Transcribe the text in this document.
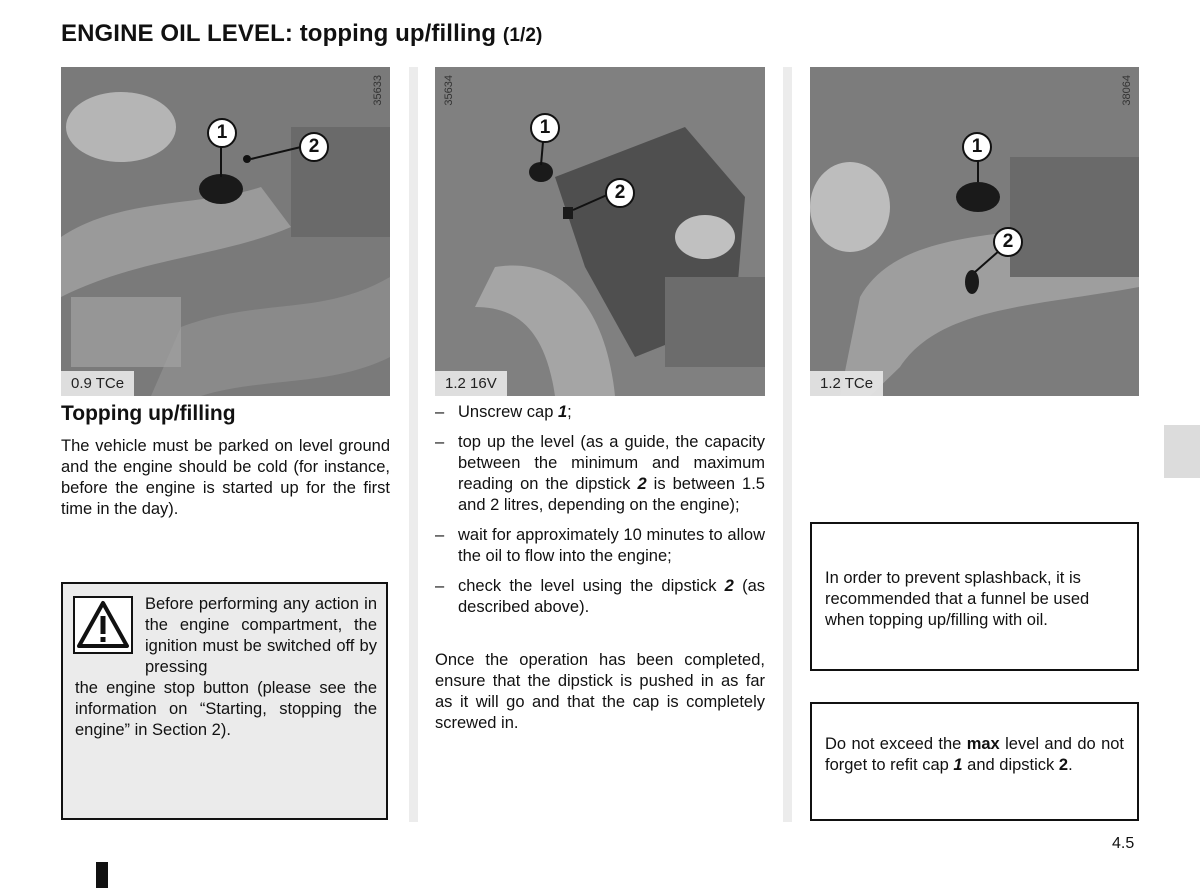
ENGINE OIL LEVEL: topping up/filling (1/2)
35633
1
2
0.9 TCe
35634
1
2
1.2 16V
38064
1
2
1.2 TCe
Topping up/filling
The vehicle must be parked on level ground and the engine should be cold (for instance, before the engine is started up for the first time in the day).
Before performing any action in the engine compartment, the ignition must be switched off by pressing
the engine stop button (please see the information on “Starting, stopping the engine” in Section 2).
– Unscrew cap 1;
– top up the level (as a guide, the capacity between the minimum and maximum reading on the dipstick 2 is between 1.5 and 2 litres, depending on the engine);
– wait for approximately 10 minutes to allow the oil to flow into the engine;
– check the level using the dipstick 2 (as described above).
Once the operation has been completed, ensure that the dipstick is pushed in as far as it will go and that the cap is completely screwed in.
In order to prevent splashback, it is recommended that a funnel be used when topping up/filling with oil.
Do not exceed the max level and do not forget to refit cap 1 and dipstick 2.
4.5
